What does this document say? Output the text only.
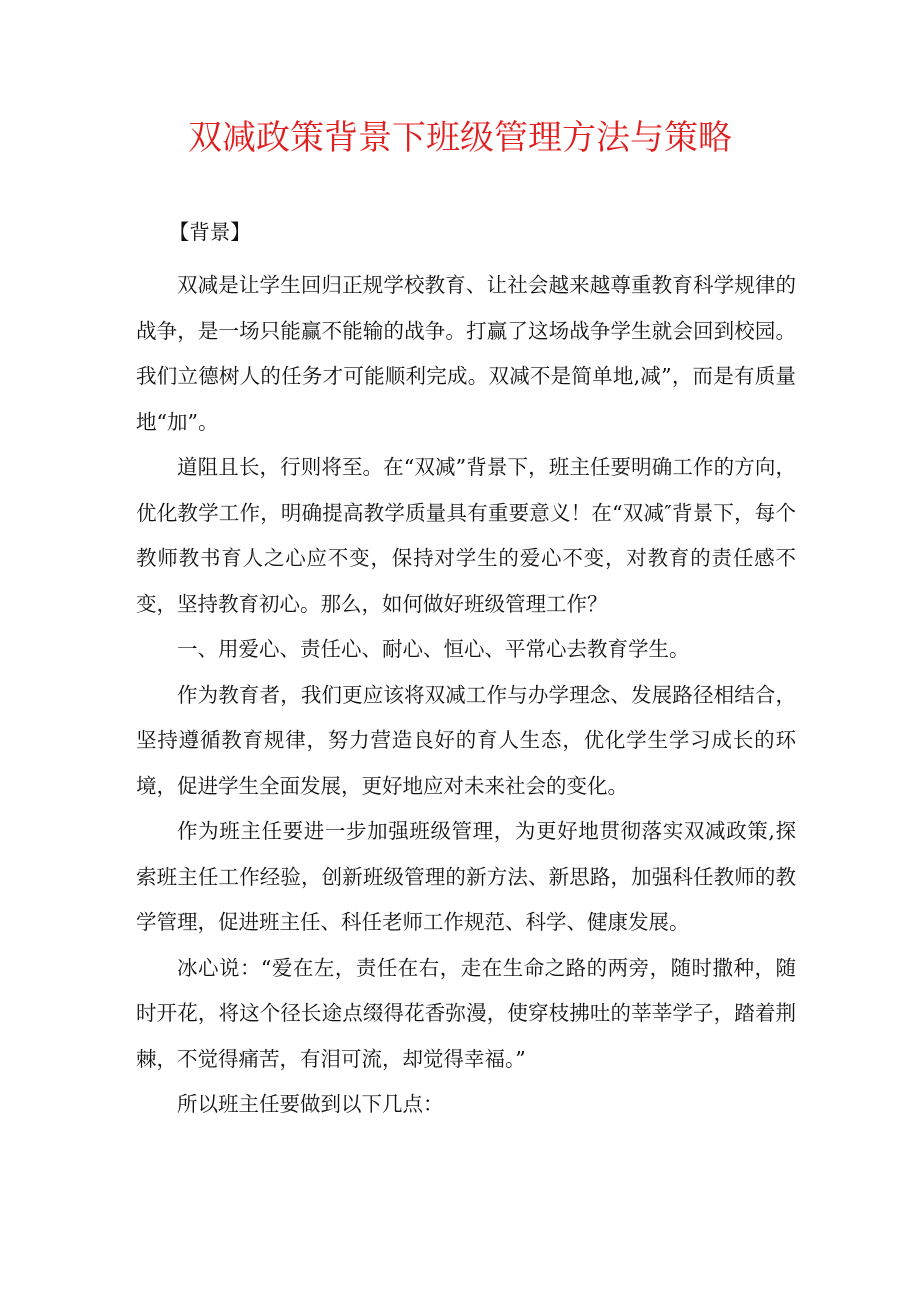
双减政策背景下班级管理方法与策略
【背景】

双减是让学生回归正规学校教育、让社会越来越尊重教育科学规律的战争，是一场只能赢不能输的战争。打赢了这场战争学生就会回到校园。我们立德树人的任务才可能顺利完成。双减不是简单地,减”，而是有质量地“加”。

道阻且长，行则将至。在“双减”背景下，班主任要明确工作的方向，优化教学工作，明确提高教学质量具有重要意义！在“双减″背景下，每个教师教书育人之心应不变，保持对学生的爱心不变，对教育的责任感不变，坚持教育初心。那么，如何做好班级管理工作？

一、用爱心、责任心、耐心、恒心、平常心去教育学生。

作为教育者，我们更应该将双减工作与办学理念、发展路径相结合，坚持遵循教育规律，努力营造良好的育人生态，优化学生学习成长的环境，促进学生全面发展，更好地应对未来社会的变化。

作为班主任要进一步加强班级管理，为更好地贯彻落实双减政策,探索班主任工作经验，创新班级管理的新方法、新思路，加强科任教师的教学管理，促进班主任、科任老师工作规范、科学、健康发展。

冰心说：“爱在左，责任在右，走在生命之路的两旁，随时撒种，随时开花，将这个径长途点缀得花香弥漫，使穿枝拂吐的莘莘学子，踏着荆棘，不觉得痛苦，有泪可流，却觉得幸福。”

所以班主任要做到以下几点：
